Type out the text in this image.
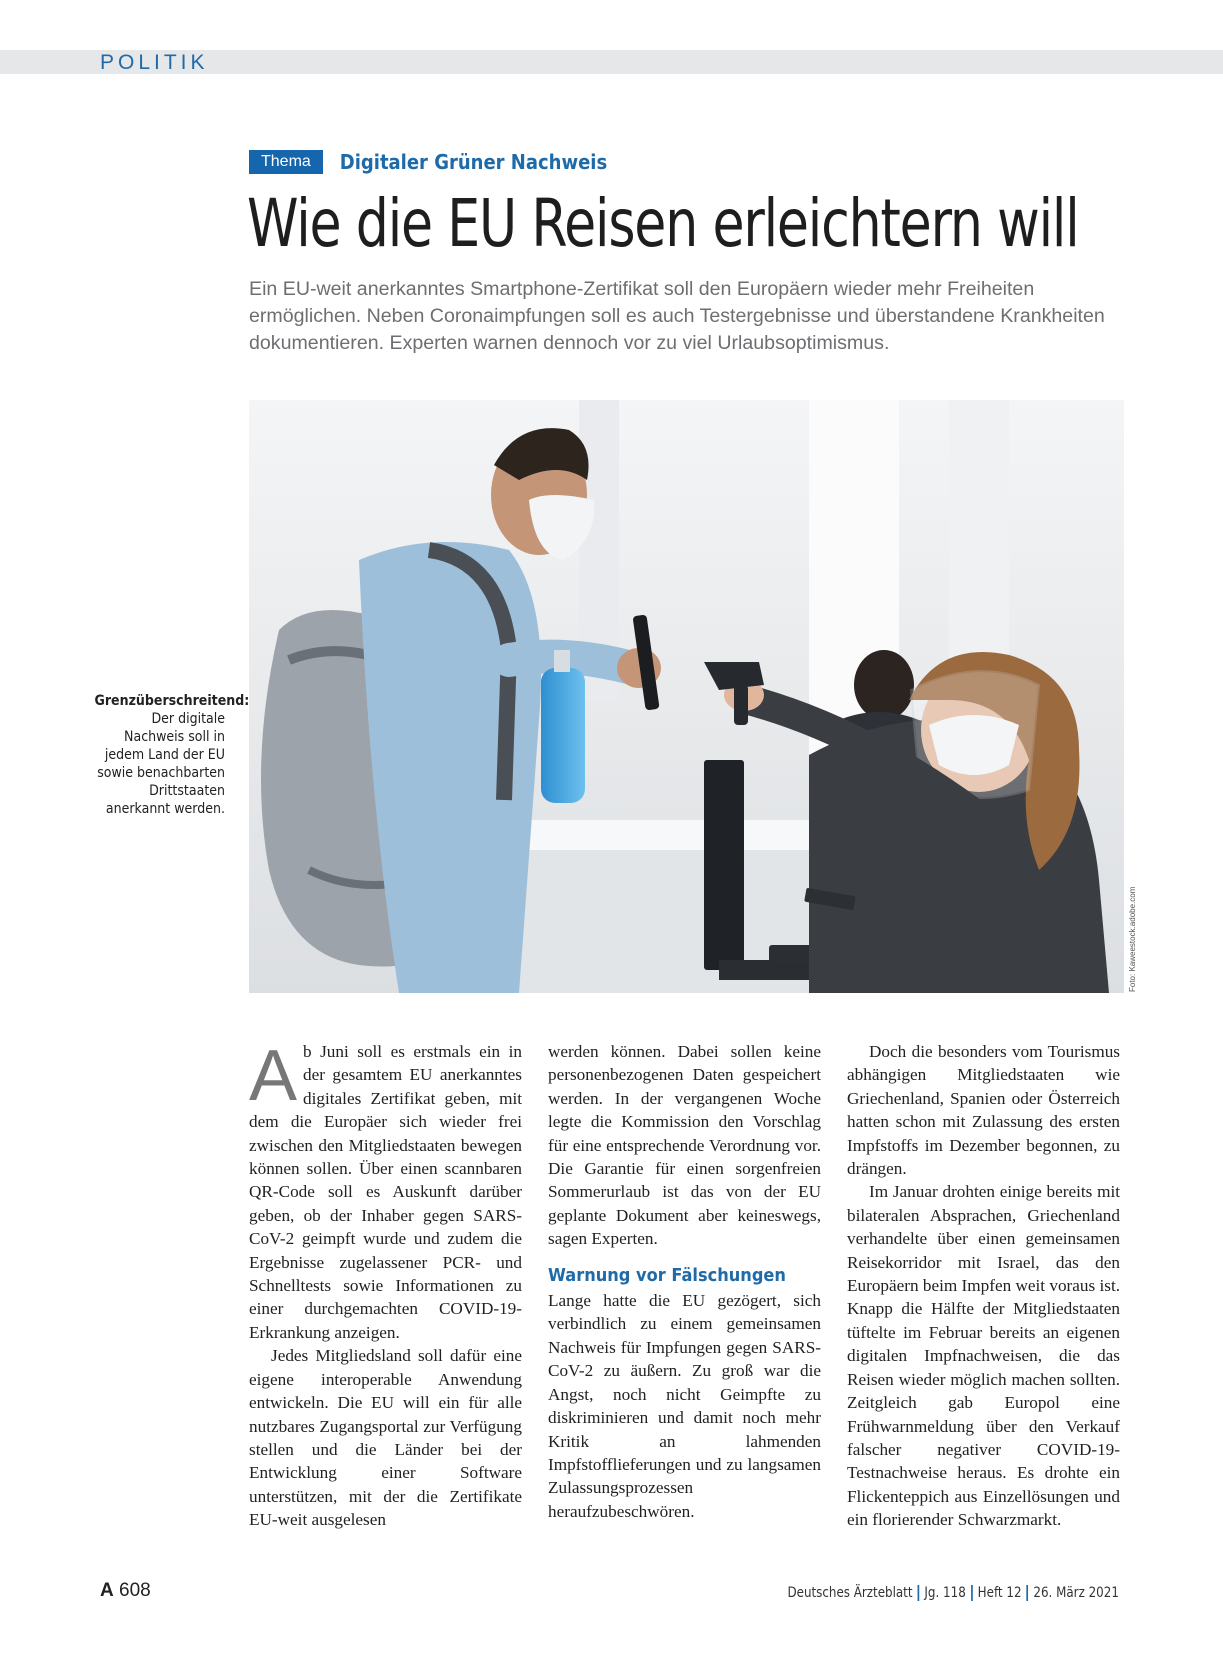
POLITIK
Thema	Digitaler Grüner Nachweis
Wie die EU Reisen erleichtern will

Ein EU-weit anerkanntes Smartphone-Zertifikat soll den Europäern wieder mehr Freiheiten ermöglichen. Neben Coronaimpfungen soll es auch Testergebnisse und überstandene Krankheiten dokumentieren. Experten warnen dennoch vor zu viel Urlaubsoptimismus.

Foto: Kaweestock.adobe.com
Grenzüberschreitend: Der digitale Nachweis soll in jedem Land der EU sowie benachbarten Drittstaaten anerkannt werden.

Ab Juni soll es erstmals ein in der gesamtem EU anerkanntes digitales Zertifikat geben, mit dem die Europäer sich wieder frei zwischen den Mitgliedstaaten bewegen können sollen. Über einen scannbaren QR-Code soll es Auskunft darüber geben, ob der Inhaber gegen SARS-CoV-2 geimpft wurde und zudem die Ergebnisse zugelassener PCR- und Schnelltests sowie Informationen zu einer durchgemachten COVID-19-Erkrankung anzeigen.

Jedes Mitgliedsland soll dafür eine eigene interoperable Anwendung entwickeln. Die EU will ein für alle nutzbares Zugangsportal zur Verfügung stellen und die Länder bei der Entwicklung einer Software unterstützen, mit der die Zertifikate EU-weit ausgelesen

werden können. Dabei sollen keine personenbezogenen Daten gespeichert werden. In der vergangenen Woche legte die Kommission den Vorschlag für eine entsprechende Verordnung vor. Die Garantie für einen sorgenfreien Sommerurlaub ist das von der EU geplante Dokument aber keineswegs, sagen Experten.

Warnung vor Fälschungen

Lange hatte die EU gezögert, sich verbindlich zu einem gemeinsamen Nachweis für Impfungen gegen SARS-CoV-2 zu äußern. Zu groß war die Angst, noch nicht Geimpfte zu diskriminieren und damit noch mehr Kritik an lahmenden Impfstofflieferungen und zu langsamen Zulassungsprozessen heraufzubeschwören.

Doch die besonders vom Tourismus abhängigen Mitgliedstaaten wie Griechenland, Spanien oder Österreich hatten schon mit Zulassung des ersten Impfstoffs im Dezember begonnen, zu drängen.

Im Januar drohten einige bereits mit bilateralen Absprachen, Griechenland verhandelte über einen gemeinsamen Reisekorridor mit Israel, das den Europäern beim Impfen weit voraus ist. Knapp die Hälfte der Mitgliedstaaten tüftelte im Februar bereits an eigenen digitalen Impfnachweisen, die das Reisen wieder möglich machen sollten. Zeitgleich gab Europol eine Frühwarnmeldung über den Verkauf falscher negativer COVID-19-Testnachweise heraus. Es drohte ein Flickenteppich aus Einzellösungen und ein florierender Schwarzmarkt.

A 608	Deutsches Ärzteblatt Jg. 118 Heft 12 26. März 2021
